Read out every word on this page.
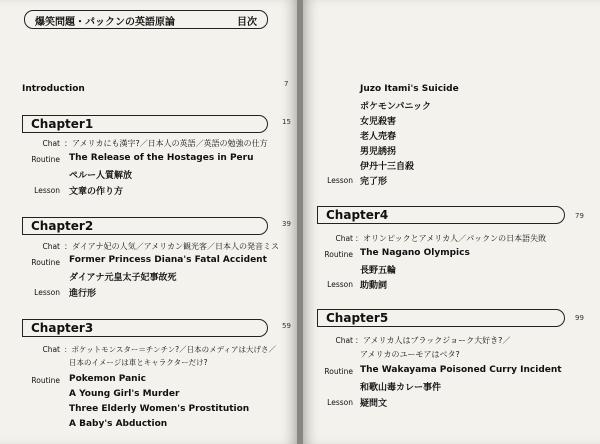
爆笑問題・パックンの英語原論	目次
Introduction	7
Chapter1	15
Chat ：アメリカにも漢字?／日本人の英語／英語の勉強の仕方
Routine The Release of the Hostages in Peru
ペルー人質解放
Lesson 文章の作り方
Chapter2	39
Chat ：ダイアナ妃の人気／アメリカン観光客／日本人の発音ミス
Routine Former Princess Diana's Fatal Accident
ダイアナ元皇太子妃事故死
Lesson 進行形
Chapter3	59
Chat ：ポケットモンスター＝チンチン?／日本のメディアは大げさ／
日本のイメージは車とキャラクターだけ?
Routine Pokemon Panic
A Young Girl's Murder
Three Elderly Women's Prostitution
A Baby's Abduction
Juzo Itami's Suicide
ポケモンパニック
女児殺害
老人売春
男児誘拐
伊丹十三自殺
Lesson 完了形
Chapter4	79
Chat ：オリンピックとアメリカ人／パックンの日本語失敗
Routine The Nagano Olympics
長野五輪
Lesson 助動詞
Chapter5	99
Chat ：アメリカ人はブラックジョーク大好き?／
アメリカのユーモアはベタ?
Routine The Wakayama Poisoned Curry Incident
和歌山毒カレー事件
Lesson 疑問文
